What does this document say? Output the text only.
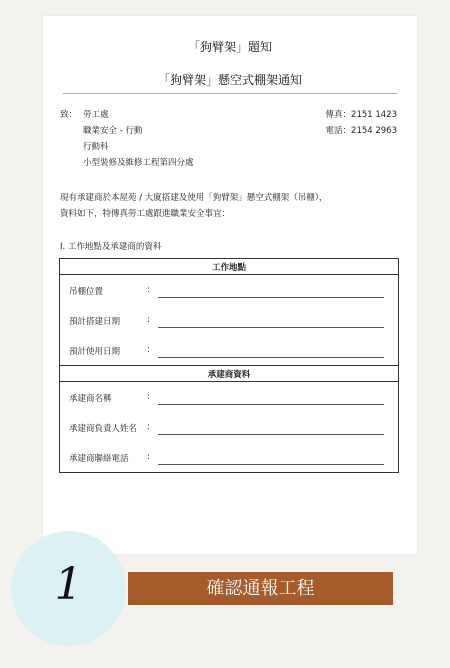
「狗臂架」題知
「狗臂架」懸空式棚架通知
致： 勞工處
職業安全 - 行動
行動科
小型裝修及維修工程第四分處
傳真：2151 1423
電話：2154 2963
現有承建商於本屋苑 / 大廈搭建及使用「狗臂架」懸空式棚架（吊棚），
資料如下，特傳真勞工處跟進職業安全事宜：
I. 工作地點及承建商的資料
工作地點

吊棚位置	:

預計搭建日期	:

預計使用日期	:

承建商資料

承建商名稱	:

承建商負責人姓名 :

承建商聯絡電話 :
1	確認通報工程
